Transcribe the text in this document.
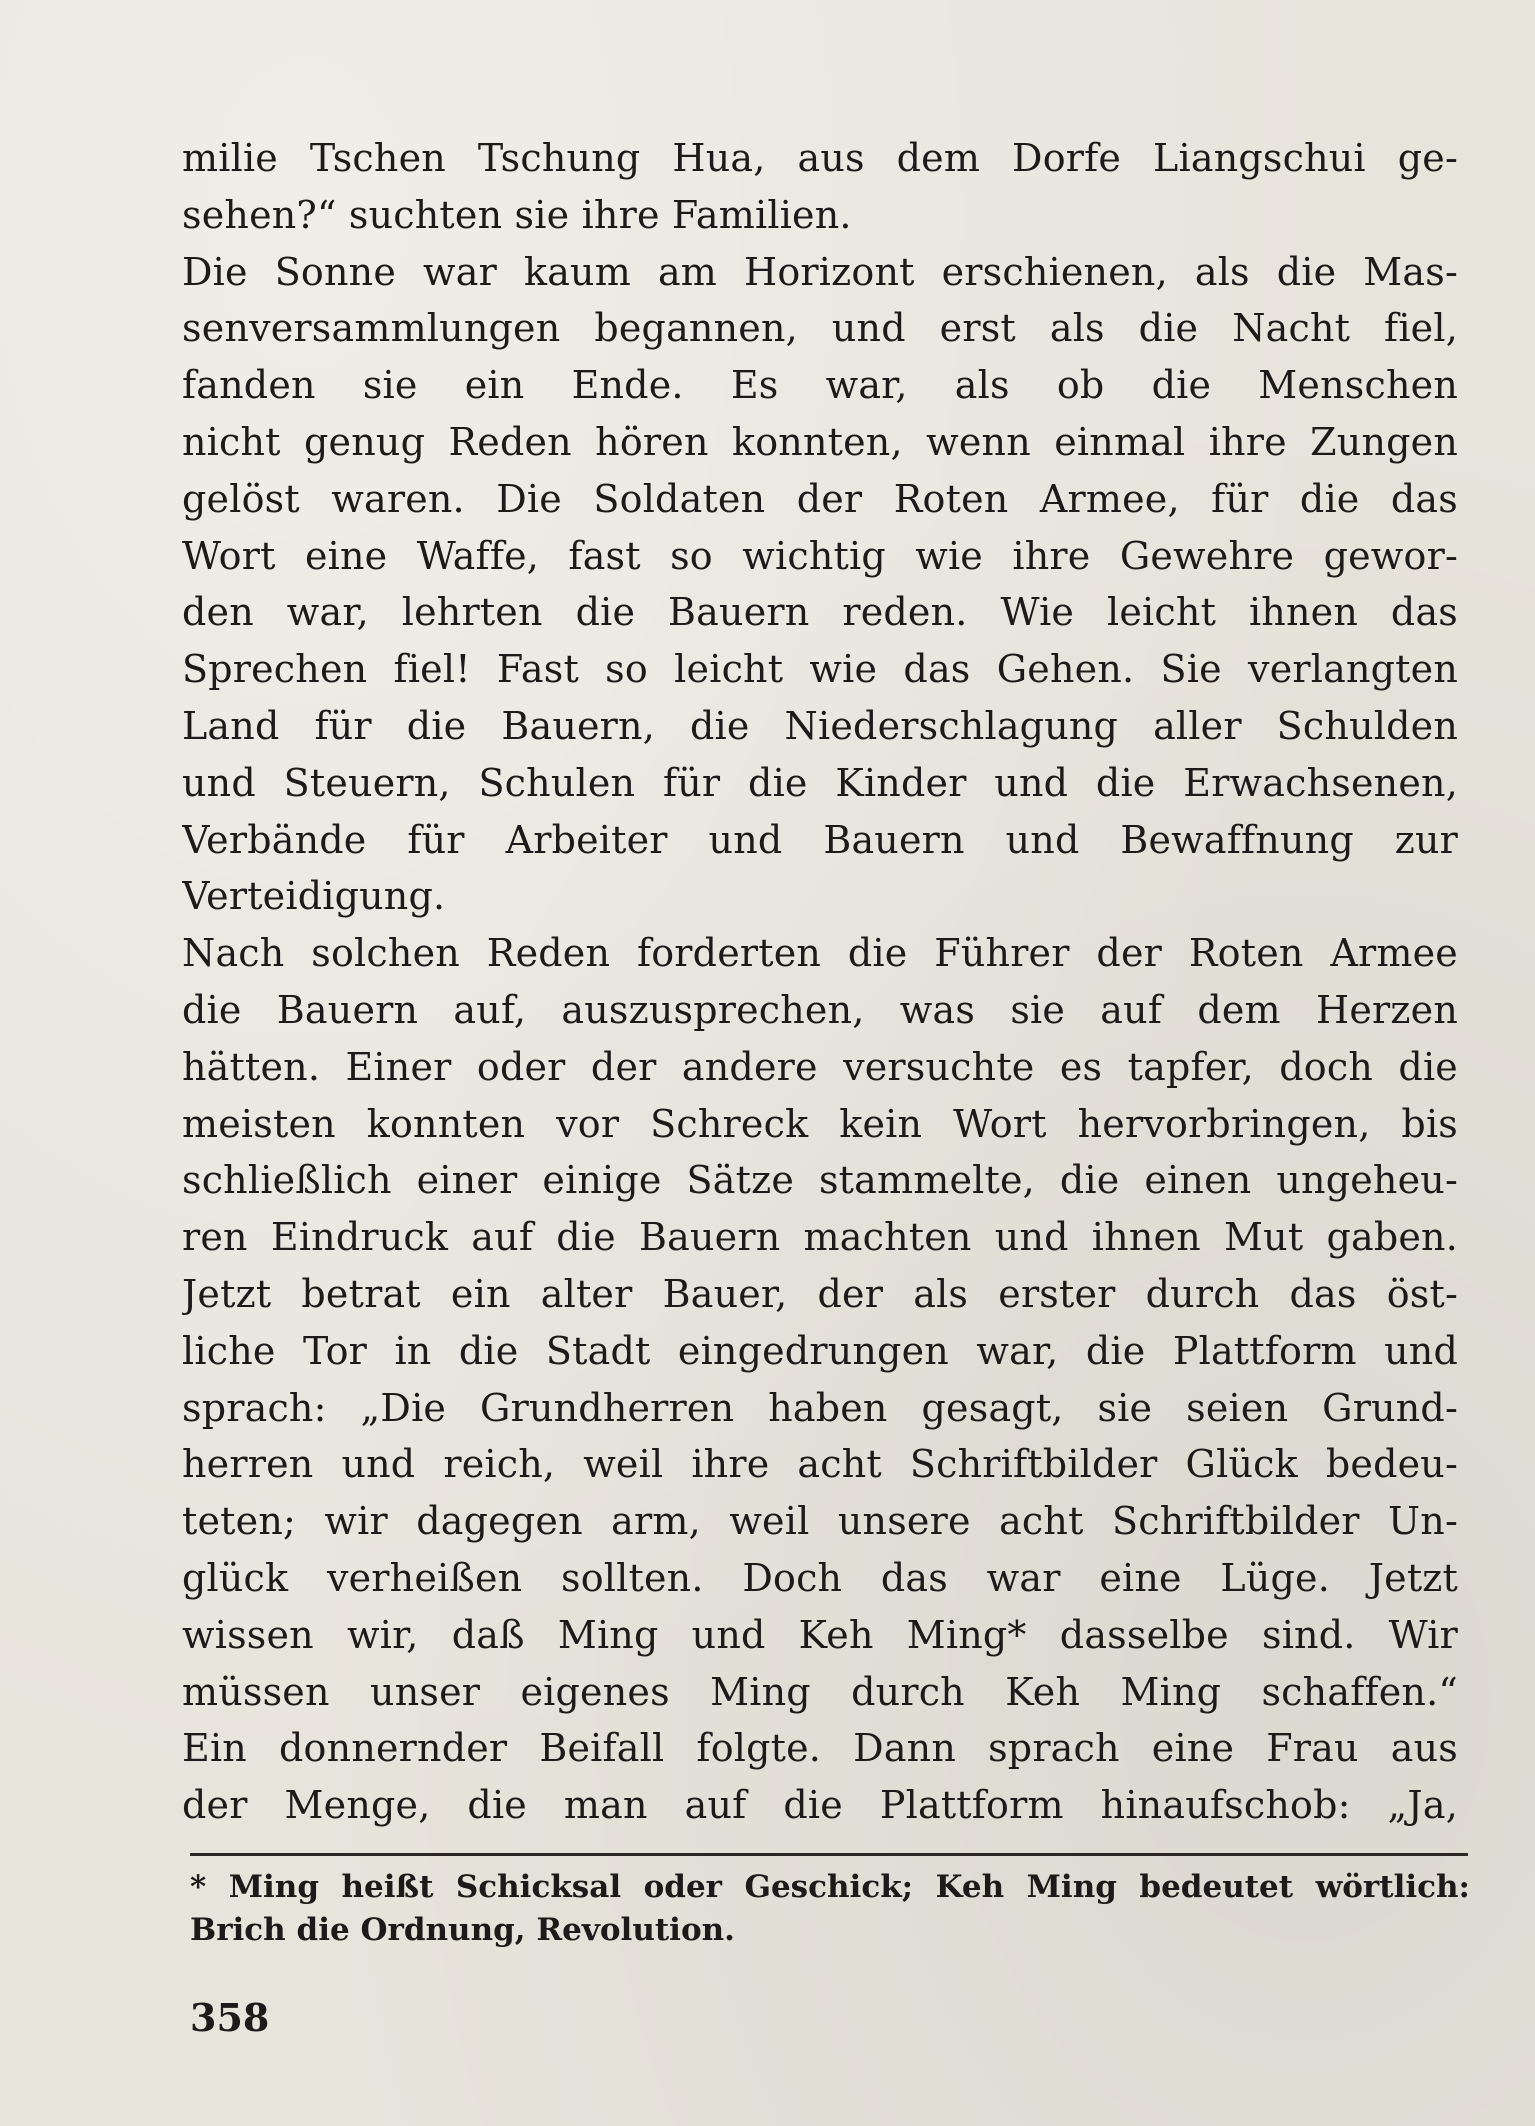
milie Tschen Tschung Hua, aus dem Dorfe Liangschui ge-
sehen?“ suchten sie ihre Familien.
Die Sonne war kaum am Horizont erschienen, als die Mas-
senversammlungen begannen, und erst als die Nacht fiel,
fanden sie ein Ende. Es war, als ob die Menschen
nicht genug Reden hören konnten, wenn einmal ihre Zungen
gelöst waren. Die Soldaten der Roten Armee, für die das
Wort eine Waffe, fast so wichtig wie ihre Gewehre gewor-
den war, lehrten die Bauern reden. Wie leicht ihnen das
Sprechen fiel! Fast so leicht wie das Gehen. Sie verlangten
Land für die Bauern, die Niederschlagung aller Schulden
und Steuern, Schulen für die Kinder und die Erwachsenen,
Verbände für Arbeiter und Bauern und Bewaffnung zur
Verteidigung.
Nach solchen Reden forderten die Führer der Roten Armee
die Bauern auf, auszusprechen, was sie auf dem Herzen
hätten. Einer oder der andere versuchte es tapfer, doch die
meisten konnten vor Schreck kein Wort hervorbringen, bis
schließlich einer einige Sätze stammelte, die einen ungeheu-
ren Eindruck auf die Bauern machten und ihnen Mut gaben.
Jetzt betrat ein alter Bauer, der als erster durch das öst-
liche Tor in die Stadt eingedrungen war, die Plattform und
sprach: „Die Grundherren haben gesagt, sie seien Grund-
herren und reich, weil ihre acht Schriftbilder Glück bedeu-
teten; wir dagegen arm, weil unsere acht Schriftbilder Un-
glück verheißen sollten. Doch das war eine Lüge. Jetzt
wissen wir, daß Ming und Keh Ming* dasselbe sind. Wir
müssen unser eigenes Ming durch Keh Ming schaffen.“
Ein donnernder Beifall folgte. Dann sprach eine Frau aus
der Menge, die man auf die Plattform hinaufschob: „Ja,
* Ming heißt Schicksal oder Geschick; Keh Ming bedeutet wörtlich:
Brich die Ordnung, Revolution.
358
